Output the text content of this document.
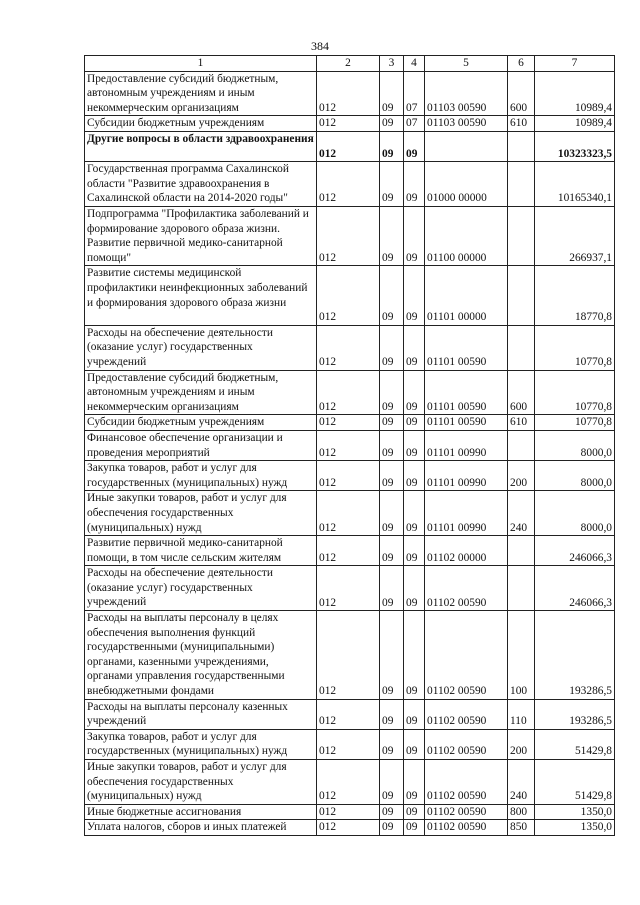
384
1	2	3	4	5	6	7
Предоставление субсидий бюджетным, автономным учреждениям и иным некоммерческим организациям	012	09	07	01103 00590	600	10989,4
Субсидии бюджетным учреждениям	012	09	07	01103 00590	610	10989,4
Другие вопросы в области здравоохранения	012	09	09			10323323,5
Государственная программа Сахалинской области "Развитие здравоохранения в Сахалинской области на 2014-2020 годы"	012	09	09	01000 00000		10165340,1
Подпрограмма "Профилактика заболеваний и формирование здорового образа жизни. Развитие первичной медико-санитарной помощи"	012	09	09	01100 00000		266937,1
Развитие системы медицинской профилактики неинфекционных заболеваний и формирования здорового образа жизни	012	09	09	01101 00000		18770,8
Расходы на обеспечение деятельности (оказание услуг) государственных учреждений	012	09	09	01101 00590		10770,8
Предоставление субсидий бюджетным, автономным учреждениям и иным некоммерческим организациям	012	09	09	01101 00590	600	10770,8
Субсидии бюджетным учреждениям	012	09	09	01101 00590	610	10770,8
Финансовое обеспечение организации и проведения мероприятий	012	09	09	01101 00990		8000,0
Закупка товаров, работ и услуг для государственных (муниципальных) нужд	012	09	09	01101 00990	200	8000,0
Иные закупки товаров, работ и услуг для обеспечения государственных (муниципальных) нужд	012	09	09	01101 00990	240	8000,0
Развитие первичной медико-санитарной помощи, в том числе сельским жителям	012	09	09	01102 00000		246066,3
Расходы на обеспечение деятельности (оказание услуг) государственных учреждений	012	09	09	01102 00590		246066,3
Расходы на выплаты персоналу в целях обеспечения выполнения функций государственными (муниципальными) органами, казенными учреждениями, органами управления государственными внебюджетными фондами	012	09	09	01102 00590	100	193286,5
Расходы на выплаты персоналу казенных учреждений	012	09	09	01102 00590	110	193286,5
Закупка товаров, работ и услуг для государственных (муниципальных) нужд	012	09	09	01102 00590	200	51429,8
Иные закупки товаров, работ и услуг для обеспечения государственных (муниципальных) нужд	012	09	09	01102 00590	240	51429,8
Иные бюджетные ассигнования	012	09	09	01102 00590	800	1350,0
Уплата налогов, сборов и иных платежей	012	09	09	01102 00590	850	1350,0
